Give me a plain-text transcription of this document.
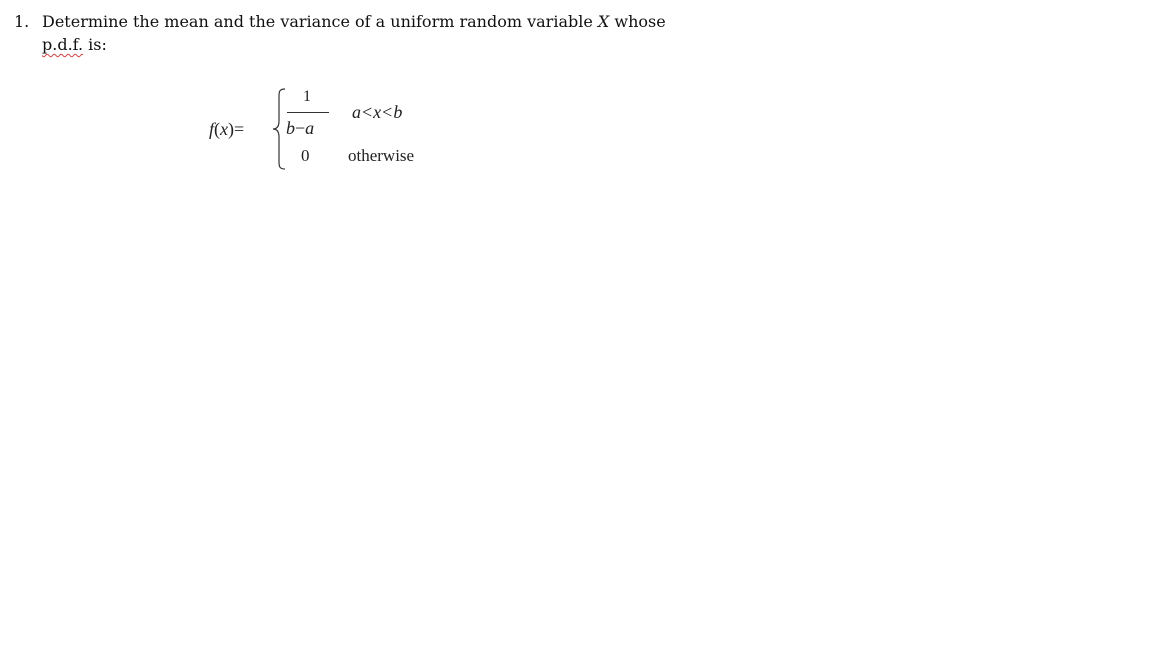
1. Determine the mean and the variance of a uniform random variable X whose
p.d.f. is:
f(x)=
1
b−a
a<x<b
0 otherwise
